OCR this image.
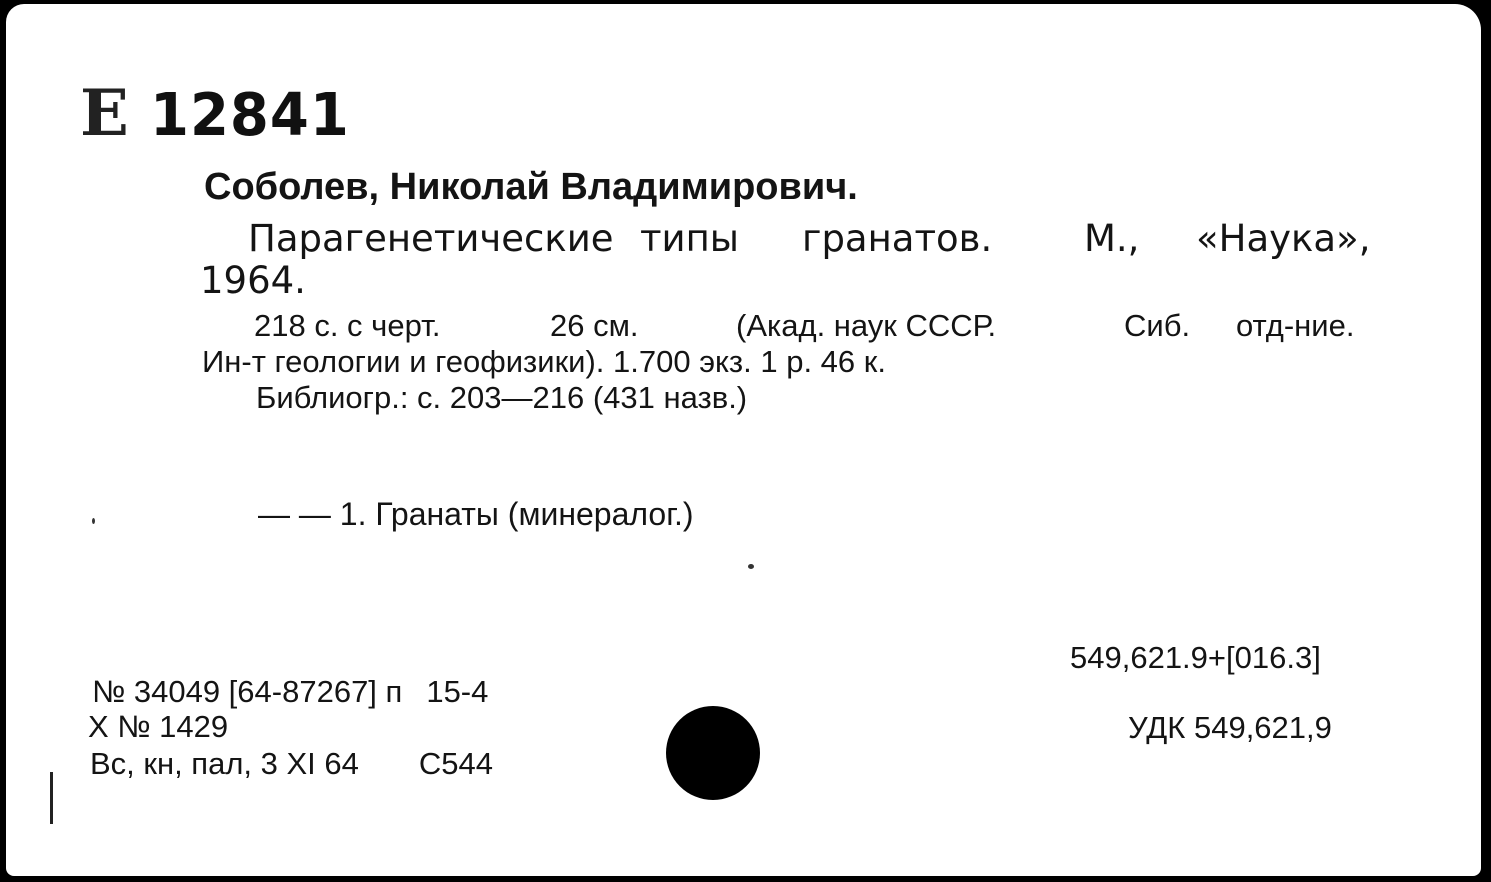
E 12841
Соболев, Николай Владимирович.
Парагенетические типы гранатов. М., «Наука»,
1964.
218 с. с черт.	26 см.	(Акад. наук СССР.	Сиб. отд-ние.
Ин-т геологии и геофизики). 1.700 экз. 1 р. 46 к.
Библиогр.: с. 203—216 (431 назв.)
— — 1. Гранаты (минералог.)
№ 34049 [64-87267] п 15-4
X № 1429
Вс, кн, пал, 3 XI 64 С544
549,621.9+[016.3]
УДК 549,621,9
